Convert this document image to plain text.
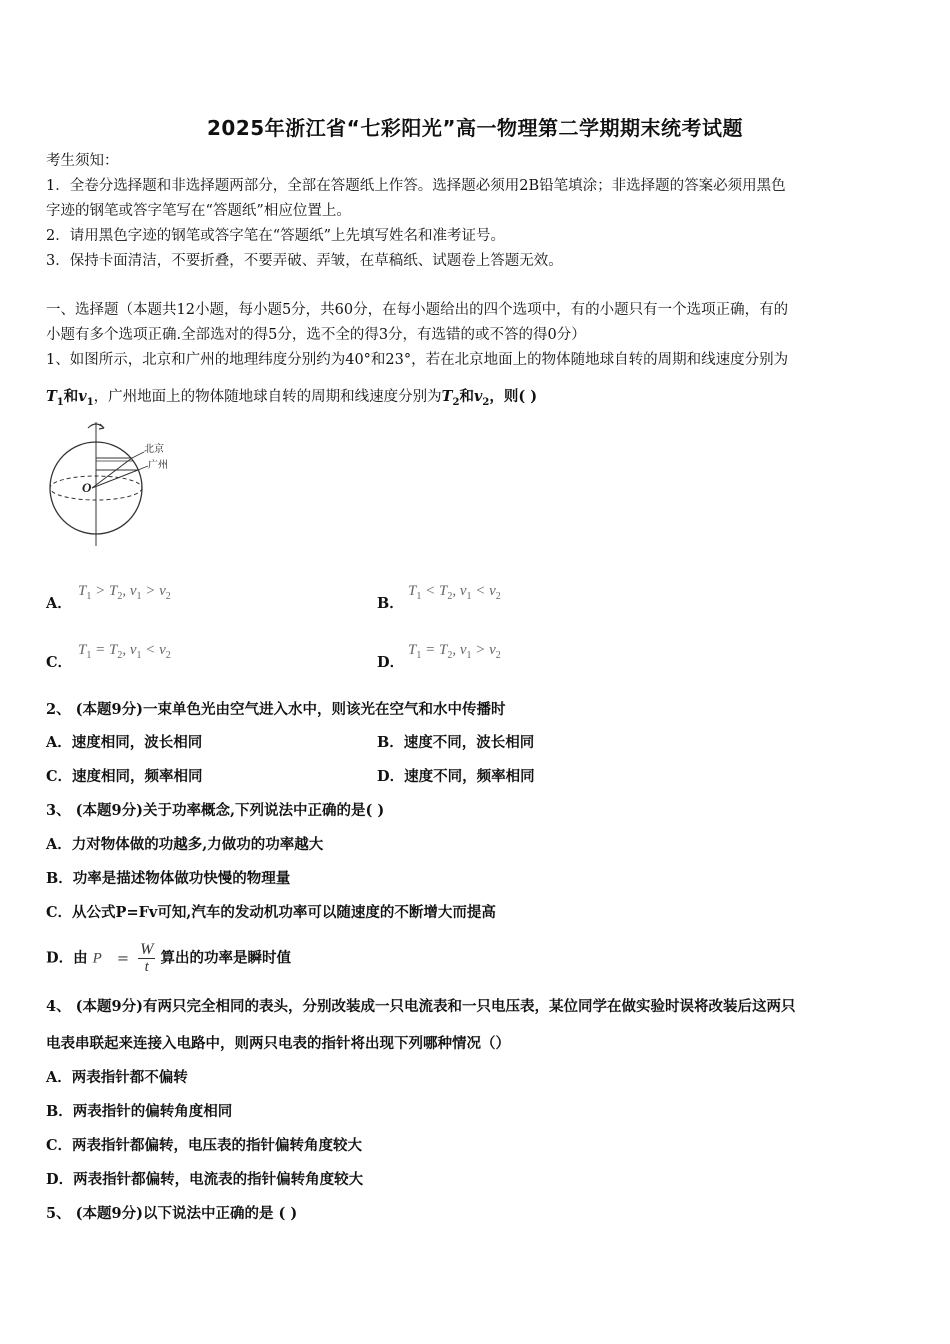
2025年浙江省“七彩阳光”高一物理第二学期期末统考试题
考生须知：
1．全卷分选择题和非选择题两部分，全部在答题纸上作答。选择题必须用2B铅笔填涂；非选择题的答案必须用黑色
字迹的钢笔或答字笔写在“答题纸”相应位置上。
2．请用黑色字迹的钢笔或答字笔在“答题纸”上先填写姓名和准考证号。
3．保持卡面清洁，不要折叠，不要弄破、弄皱，在草稿纸、试题卷上答题无效。
一、选择题（本题共12小题，每小题5分，共60分，在每小题给出的四个选项中，有的小题只有一个选项正确，有的
小题有多个选项正确.全部选对的得5分，选不全的得3分，有选错的或不答的得0分）
1、如图所示，北京和广州的地理纬度分别约为40°和23°，若在北京地面上的物体随地球自转的周期和线速度分别为
$T_1$和$v_1$，广州地面上的物体随地球自转的周期和线速度分别为$T_2$和$v_2$，则( )
北京
广州
O
A．
$T_1 > T_2$, $v_1 > v_2$	B．
$T_1 < T_2$, $v_1 < v_2$
C．
$T_1 = T_2$, $v_1 < v_2$	D．
$T_1 = T_2$, $v_1 > v_2$
2、 (本题9分)一束单色光由空气进入水中，则该光在空气和水中传播时
A．速度相同，波长相同	B．速度不同，波长相同
C．速度相同，频率相同	D．速度不同，频率相同
3、 (本题9分)关于功率概念,下列说法中正确的是( )
A．力对物体做的功越多,力做功的功率越大
B．功率是描述物体做功快慢的物理量
C．从公式P=Fv可知,汽车的发动机功率可以随速度的不断增大而提高
D．由 $P = \frac{W}{t}$ 算出的功率是瞬时值
4、 (本题9分)有两只完全相同的表头，分别改装成一只电流表和一只电压表，某位同学在做实验时误将改装后这两只
电表串联起来连接入电路中，则两只电表的指针将出现下列哪种情况（）
A．两表指针都不偏转
B．两表指针的偏转角度相同
C．两表指针都偏转，电压表的指针偏转角度较大
D．两表指针都偏转，电流表的指针偏转角度较大
5、 (本题9分)以下说法中正确的是 ( )
